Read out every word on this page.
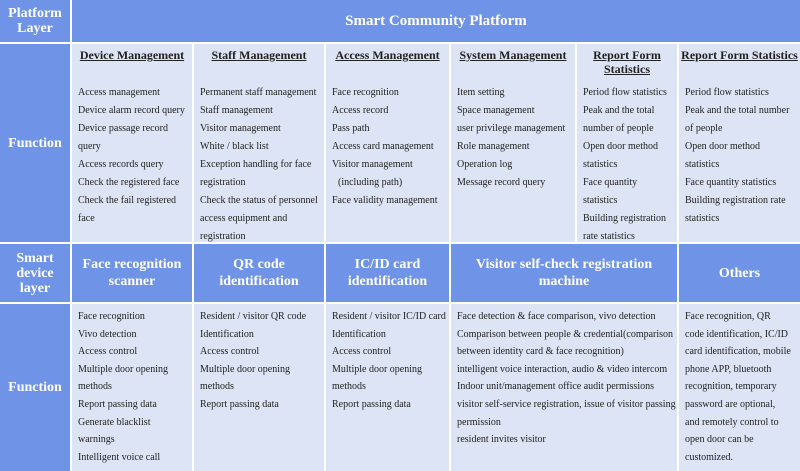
Platform Layer	Smart Community Platform
Function
Device Management
Access management
Device alarm record query
Device passage record
query
Access records query
Check the registered face
Check the fail registered
face
Staff Management
Permanent staff management
Staff management
Visitor management
White / black list
Exception handling for face
registration
Check the status of personnel
access equipment and
registration
Access Management
Face recognition
Access record
Pass path
Access card management
Visitor management
(including path)
Face validity management
System Management
Item setting
Space management
user privilege management
Role management
Operation log
Message record query
Report Form Statistics
Period flow statistics
Peak and the total
number of people
Open door method
statistics
Face quantity
statistics
Building registration
rate statistics
Report Form Statistics
Period flow statistics
Peak and the total number
of people
Open door method
statistics
Face quantity statistics
Building registration rate
statistics
Smart device layer
Face recognition scanner
QR code identification
IC/ID card identification
Visitor self-check registration machine
Others
Function
Face recognition
Vivo detection
Access control
Multiple door opening
methods
Report passing data
Generate blacklist
warnings
Intelligent voice call
Resident / visitor QR code
Identification
Access control
Multiple door opening
methods
Report passing data
Resident / visitor IC/ID card
Identification
Access control
Multiple door opening
methods
Report passing data
Face detection & face comparison, vivo detection
Comparison between people & credential(comparison
between identity card & face recognition)
intelligent voice interaction, audio & video intercom
Indoor unit/management office audit permissions
visitor self-service registration, issue of visitor passing
permission
resident invites visitor
Face recognition, QR
code identification, IC/ID
card identification, mobile
phone APP, bluetooth
recognition, temporary
password are optional,
and remotely control to
open door can be
customized.
